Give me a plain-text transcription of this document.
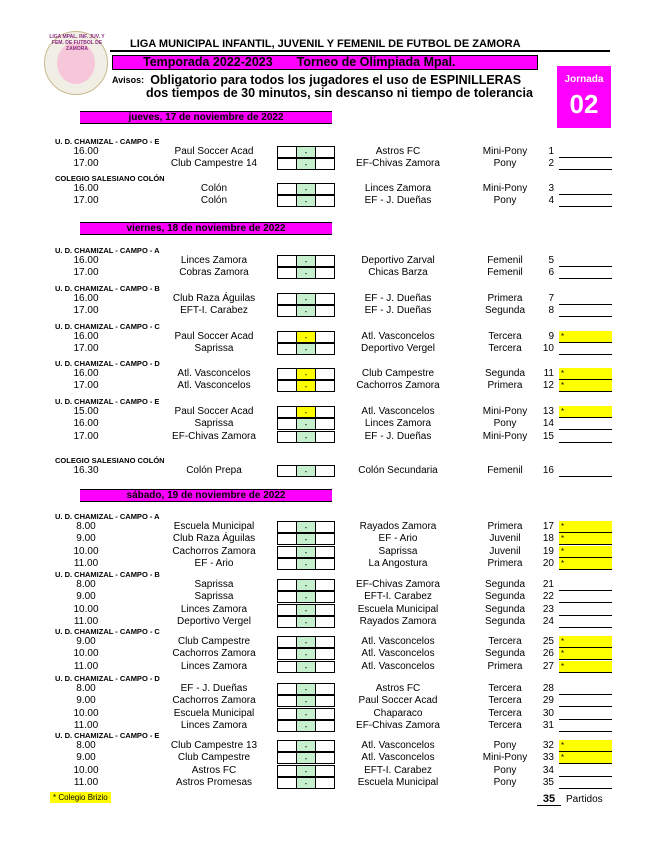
LIGA MPAL. INF. JUV. Y FEM. DE FUTBOL DE ZAMORA	LIGA MUNICIPAL INFANTIL, JUVENIL Y FEMENIL DE FUTBOL DE ZAMORA
Temporada 2022-2023 Torneo de Olimpiada Mpal.
Avisos: Obligatorio para todos los jugadores el uso de ESPINILLERAS
dos tiempos de 30 minutos, sin descanso ni tiempo de tolerancia
Jornada
02
jueves, 17 de noviembre de 2022
U. D. CHAMIZAL - CAMPO - E
16.00	Paul Soccer Acad	-	Astros FC	Mini-Pony	1
17.00	Club Campestre 14	-	EF-Chivas Zamora	Pony	2
COLEGIO SALESIANO COLÓN
16.00	Colón	-	Linces Zamora	Mini-Pony	3
17.00	Colón	-	EF - J. Dueñas	Pony	4
viernes, 18 de noviembre de 2022
U. D. CHAMIZAL - CAMPO - A
16.00	Linces Zamora	-	Deportivo Zarval	Femenil	5
17.00	Cobras Zamora	-	Chicas Barza	Femenil	6
U. D. CHAMIZAL - CAMPO - B
16.00	Club Raza Águilas	-	EF - J. Dueñas	Primera	7
17.00	EFT-I. Carabez	-	EF - J. Dueñas	Segunda	8
U. D. CHAMIZAL - CAMPO - C
16.00	Paul Soccer Acad	-	Atl. Vasconcelos	Tercera	9 *
17.00	Saprissa	-	Deportivo Vergel	Tercera	10
U. D. CHAMIZAL - CAMPO - D
16.00	Atl. Vasconcelos	-	Club Campestre	Segunda	11 *
17.00	Atl. Vasconcelos	-	Cachorros Zamora	Primera	12 *
U. D. CHAMIZAL - CAMPO - E
15.00	Paul Soccer Acad	-	Atl. Vasconcelos	Mini-Pony	13 *
16.00	Saprissa	-	Linces Zamora	Pony	14
17.00	EF-Chivas Zamora	-	EF - J. Dueñas	Mini-Pony	15
COLEGIO SALESIANO COLÓN
16.30	Colón Prepa	-	Colón Secundaria	Femenil	16
sábado, 19 de noviembre de 2022
U. D. CHAMIZAL - CAMPO - A
8.00	Escuela Municipal	-	Rayados Zamora	Primera	17 *
9.00	Club Raza Águilas	-	EF - Ario	Juvenil	18 *
10.00	Cachorros Zamora	-	Saprissa	Juvenil	19 *
11.00	EF - Ario	-	La Angostura	Primera	20 *
U. D. CHAMIZAL - CAMPO - B
8.00	Saprissa	-	EF-Chivas Zamora	Segunda	21
9.00	Saprissa	-	EFT-I. Carabez	Segunda	22
10.00	Linces Zamora	-	Escuela Municipal	Segunda	23
11.00	Deportivo Vergel	-	Rayados Zamora	Segunda	24
U. D. CHAMIZAL - CAMPO - C
9.00	Club Campestre	-	Atl. Vasconcelos	Tercera	25 *
10.00	Cachorros Zamora	-	Atl. Vasconcelos	Segunda	26 *
11.00	Linces Zamora	-	Atl. Vasconcelos	Primera	27 *
U. D. CHAMIZAL - CAMPO - D
8.00	EF - J. Dueñas	-	Astros FC	Tercera	28
9.00	Cachorros Zamora	-	Paul Soccer Acad	Tercera	29
10.00	Escuela Municipal	-	Chaparaco	Tercera	30
11.00	Linces Zamora	-	EF-Chivas Zamora	Tercera	31
U. D. CHAMIZAL - CAMPO - E
8.00	Club Campestre 13	-	Atl. Vasconcelos	Pony	32 *
9.00	Club Campestre	-	Atl. Vasconcelos	Mini-Pony	33 *
10.00	Astros FC	-	EFT-I. Carabez	Pony	34
11.00	Astros Promesas	-	Escuela Municipal	Pony	35
* Colegio Brizio	35	Partidos
